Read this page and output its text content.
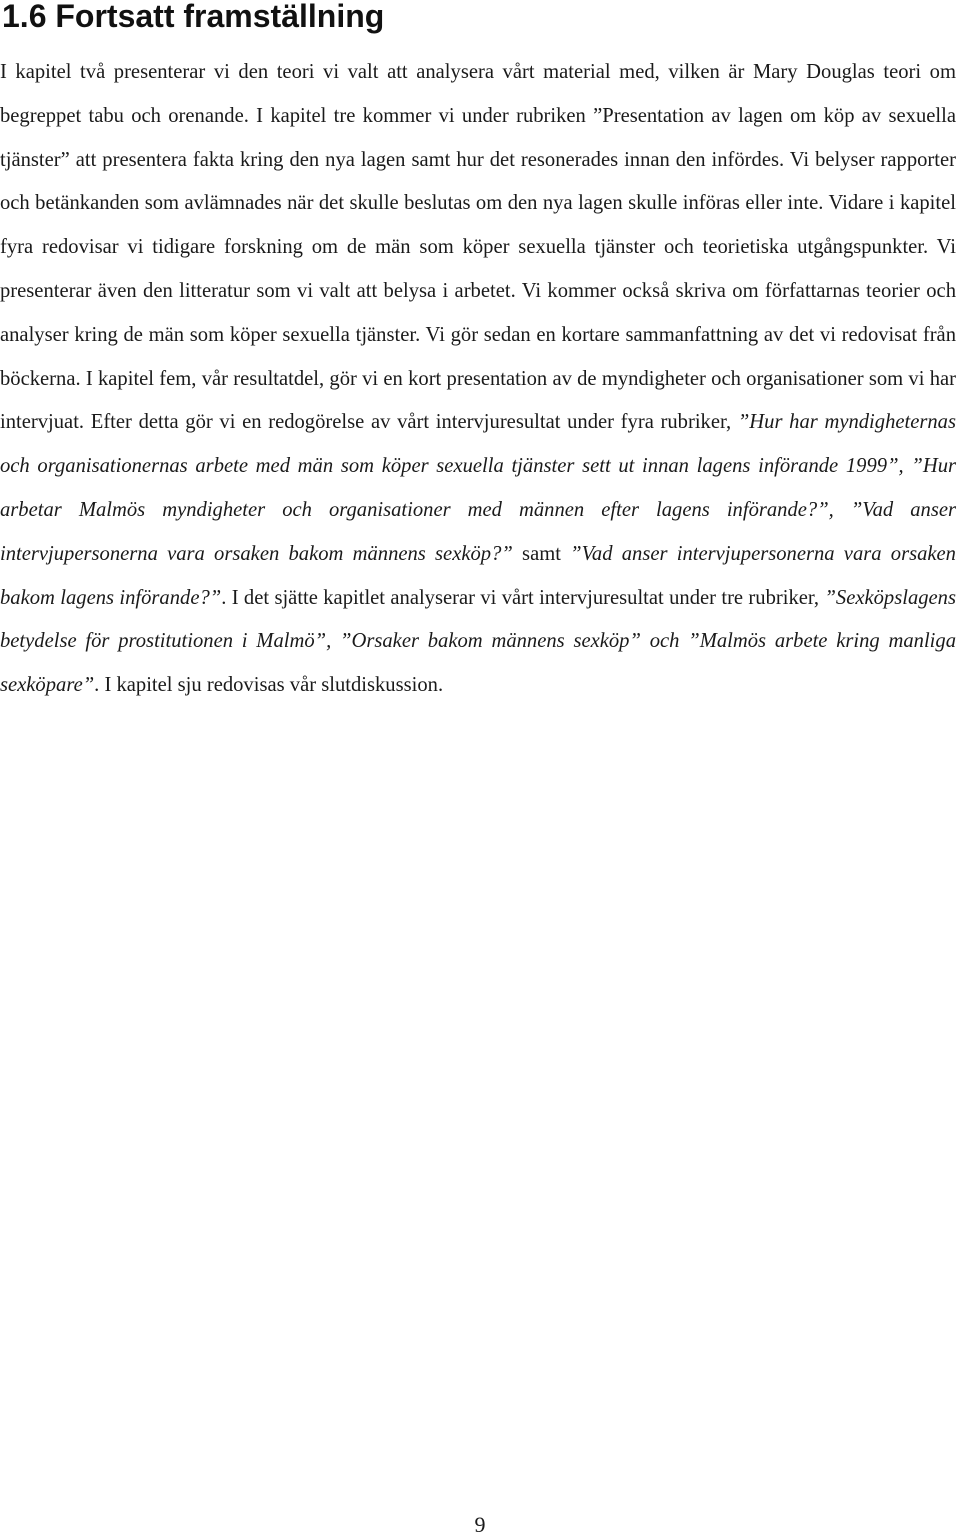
1.6 Fortsatt framställning

I kapitel två presenterar vi den teori vi valt att analysera vårt material med, vilken är Mary Douglas teori om begreppet tabu och orenande. I kapitel tre kommer vi under rubriken ”Presentation av lagen om köp av sexuella tjänster” att presentera fakta kring den nya lagen samt hur det resonerades innan den infördes. Vi belyser rapporter och betänkanden som avlämnades när det skulle beslutas om den nya lagen skulle införas eller inte. Vidare i kapitel fyra redovisar vi tidigare forskning om de män som köper sexuella tjänster och teorietiska utgångspunkter. Vi presenterar även den litteratur som vi valt att belysa i arbetet. Vi kommer också skriva om författarnas teorier och analyser kring de män som köper sexuella tjänster. Vi gör sedan en kortare sammanfattning av det vi redovisat från böckerna. I kapitel fem, vår resultatdel, gör vi en kort presentation av de myndigheter och organisationer som vi har intervjuat. Efter detta gör vi en redogörelse av vårt intervjuresultat under fyra rubriker, ”Hur har myndigheternas och organisationernas arbete med män som köper sexuella tjänster sett ut innan lagens införande 1999”, ”Hur arbetar Malmös myndigheter och organisationer med männen efter lagens införande?”, ”Vad anser intervjupersonerna vara orsaken bakom männens sexköp?” samt ”Vad anser intervjupersonerna vara orsaken bakom lagens införande?”. I det sjätte kapitlet analyserar vi vårt intervjuresultat under tre rubriker, ”Sexköpslagens betydelse för prostitutionen i Malmö”, ”Orsaker bakom männens sexköp” och ”Malmös arbete kring manliga sexköpare”. I kapitel sju redovisas vår slutdiskussion.

9
